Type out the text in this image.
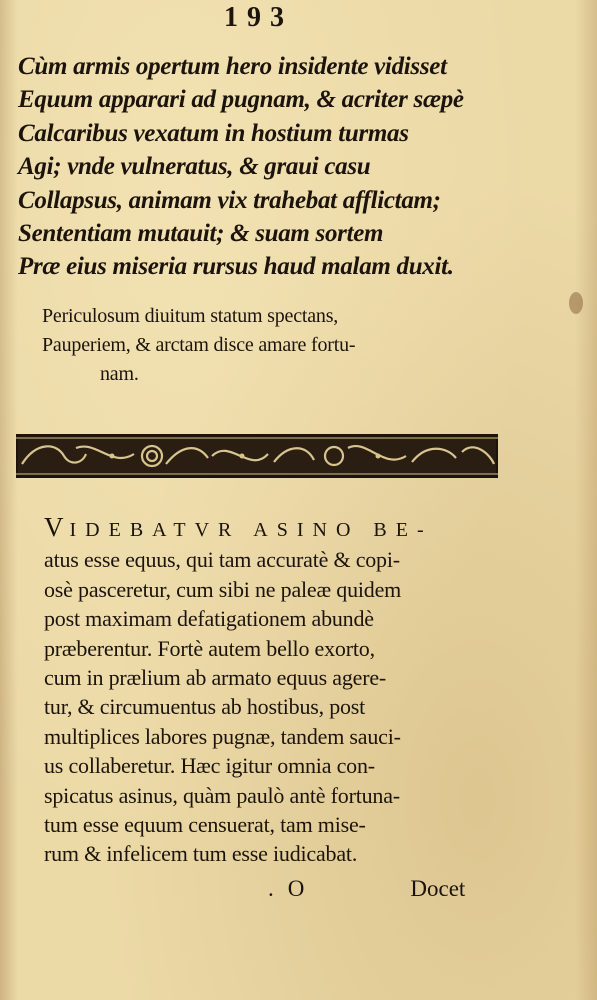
193
Cùm armis opertum hero insidente vidisset
Equum apparari ad pugnam, & acriter sæpè
Calcaribus vexatum in hostium turmas
Agi; vnde vulneratus, & graui casu
Collapsus, animam vix trahebat afflictam;
Sententiam mutauit; & suam sortem
Præ eius miseria rursus haud malam duxit.
Periculosum diuitum statum spectans,
Pauperiem, & arctam disce amare fortu-
nam.
VIDEBATVR ASINO BE-
atus esse equus, qui tam accuratè & copi-
osè pasceretur, cum sibi ne paleæ quidem
post maximam defatigationem abundè
præberentur. Fortè autem bello exorto,
cum in prælium ab armato equus agere-
tur, & circumuentus ab hostibus, post
multiplices labores pugnæ, tandem sauci-
us collaberetur. Hæc igitur omnia con-
spicatus asinus, quàm paulò antè fortuna-
tum esse equum censuerat, tam mise-
rum & infelicem tum esse iudicabat.
. O	Docet
